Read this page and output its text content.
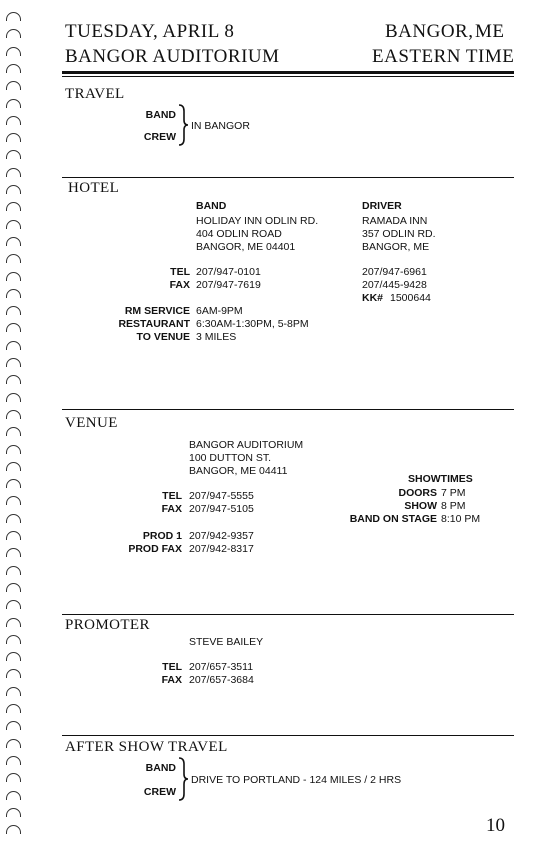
TUESDAY, APRIL 8
BANGOR AUDITORIUM
BANGOR, ME
EASTERN TIME
TRAVEL
BAND
CREW
IN BANGOR
HOTEL
BAND
HOLIDAY INN ODLIN RD.
404 ODLIN ROAD
BANGOR, ME 04401
DRIVER
RAMADA INN
357 ODLIN RD.
BANGOR, ME
TEL 207/947-0101
FAX 207/947-7619
207/947-6961
207/445-9428
KK# 1500644
RM SERVICE 6AM-9PM
RESTAURANT 6:30AM-1:30PM, 5-8PM
TO VENUE 3 MILES
VENUE
BANGOR AUDITORIUM
100 DUTTON ST.
BANGOR, ME 04411
TEL 207/947-5555
FAX 207/947-5105
PROD 1 207/942-9357
PROD FAX 207/942-8317
SHOWTIMES
DOORS 7 PM
SHOW 8 PM
BAND ON STAGE 8:10 PM
PROMOTER
STEVE BAILEY
TEL 207/657-3511
FAX 207/657-3684
AFTER SHOW TRAVEL
BAND
CREW
DRIVE TO PORTLAND - 124 MILES / 2 HRS
10
